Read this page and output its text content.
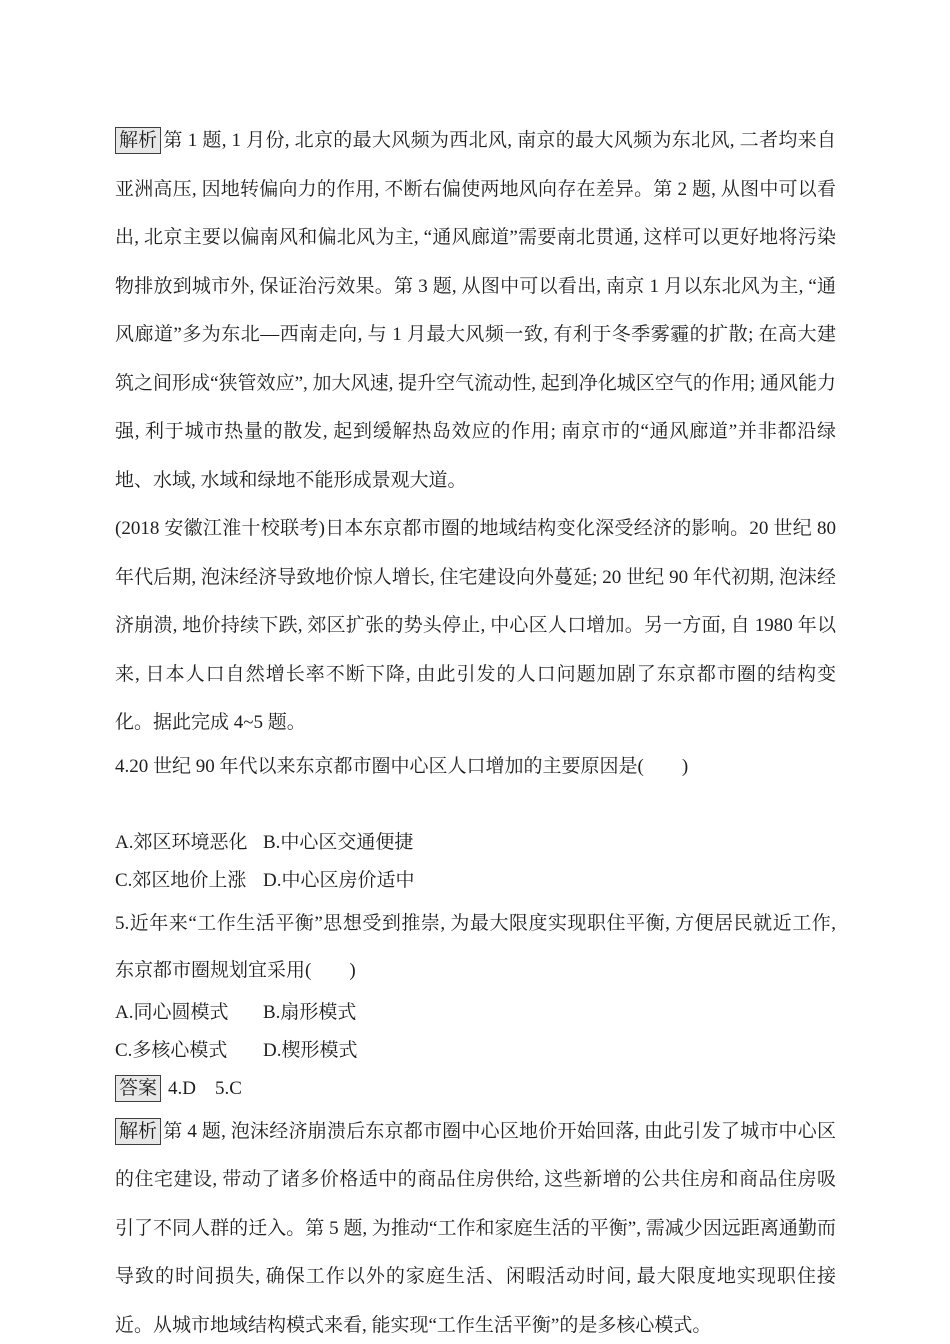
解析 第 1 题, 1 月份, 北京的最大风频为西北风, 南京的最大风频为东北风, 二者均来自亚洲高压, 因地转偏向力的作用, 不断右偏使两地风向存在差异。第 2 题, 从图中可以看出, 北京主要以偏南风和偏北风为主, “通风廊道”需要南北贯通, 这样可以更好地将污染物排放到城市外, 保证治污效果。第 3 题, 从图中可以看出, 南京 1 月以东北风为主, “通风廊道”多为东北—西南走向, 与 1 月最大风频一致, 有利于冬季雾霾的扩散; 在高大建筑之间形成“狭管效应”, 加大风速, 提升空气流动性, 起到净化城区空气的作用; 通风能力强, 利于城市热量的散发, 起到缓解热岛效应的作用; 南京市的“通风廊道”并非都沿绿地、水域, 水域和绿地不能形成景观大道。

(2018 安徽江淮十校联考)日本东京都市圈的地域结构变化深受经济的影响。20 世纪 80 年代后期, 泡沫经济导致地价惊人增长, 住宅建设向外蔓延; 20 世纪 90 年代初期, 泡沫经济崩溃, 地价持续下跌, 郊区扩张的势头停止, 中心区人口增加。另一方面, 自 1980 年以来, 日本人口自然增长率不断下降, 由此引发的人口问题加剧了东京都市圈的结构变化。据此完成 4~5 题。

4.20 世纪 90 年代以来东京都市圈中心区人口增加的主要原因是(　　)

A.郊区环境恶化 B.中心区交通便捷

C.郊区地价上涨 D.中心区房价适中

5.近年来“工作生活平衡”思想受到推崇, 为最大限度实现职住平衡, 方便居民就近工作, 东京都市圈规划宜采用(　　)

A.同心圆模式 B.扇形模式

C.多核心模式 D.楔形模式

答案 4.D　5.C

解析 第 4 题, 泡沫经济崩溃后东京都市圈中心区地价开始回落, 由此引发了城市中心区的住宅建设, 带动了诸多价格适中的商品住房供给, 这些新增的公共住房和商品住房吸引了不同人群的迁入。第 5 题, 为推动“工作和家庭生活的平衡”, 需减少因远距离通勤而导致的时间损失, 确保工作以外的家庭生活、闲暇活动时间, 最大限度地实现职住接近。从城市地域结构模式来看, 能实现“工作生活平衡”的是多核心模式。
